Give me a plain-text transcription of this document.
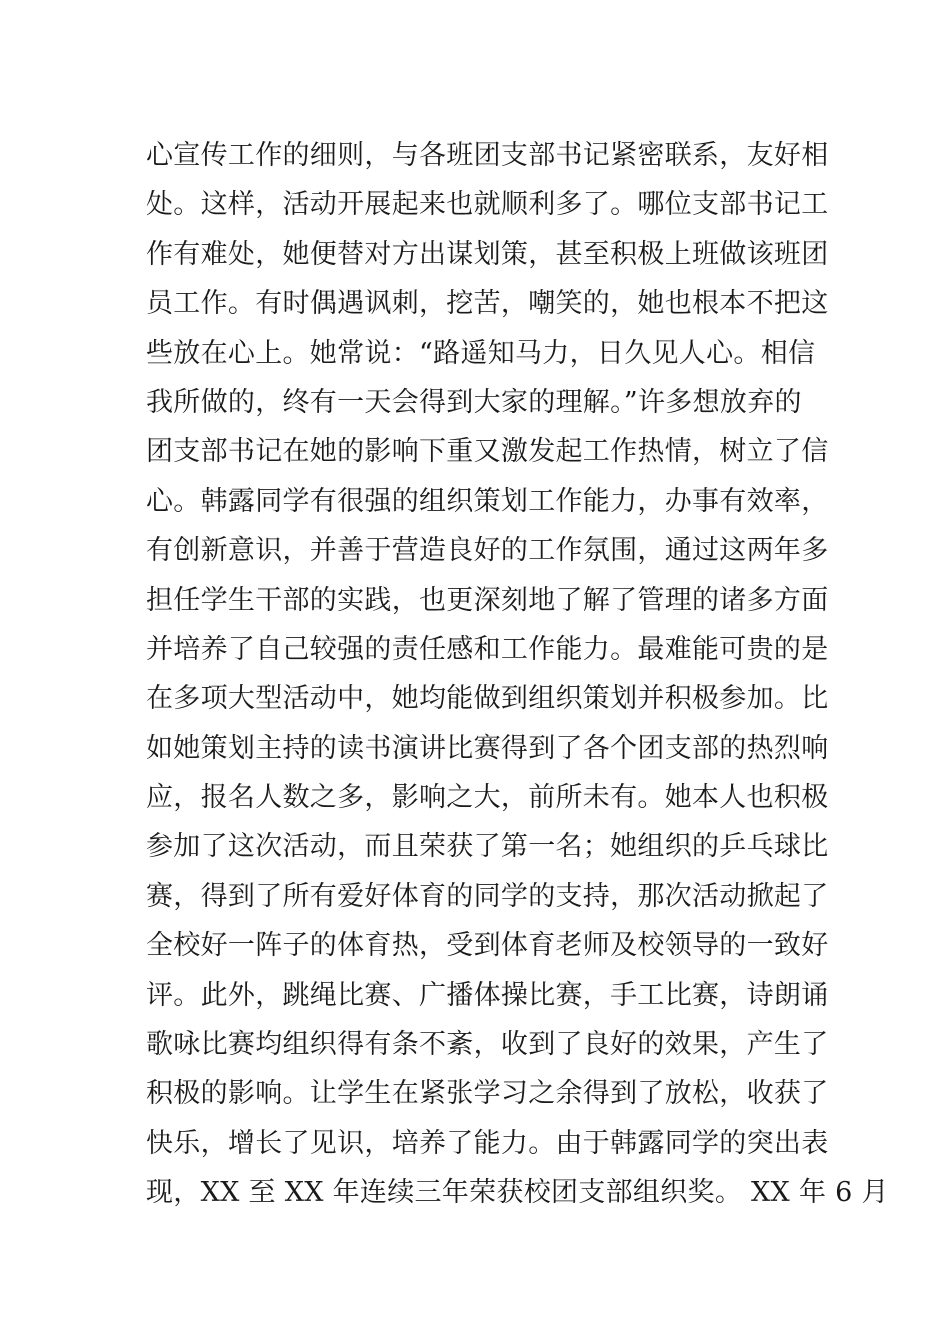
心宣传工作的细则，与各班团支部书记紧密联系，友好相
处。这样，活动开展起来也就顺利多了。哪位支部书记工
作有难处，她便替对方出谋划策，甚至积极上班做该班团
员工作。有时偶遇讽刺，挖苦，嘲笑的，她也根本不把这
些放在心上。她常说：“路遥知马力，日久见人心。相信
我所做的，终有一天会得到大家的理解。”许多想放弃的
团支部书记在她的影响下重又激发起工作热情，树立了信
心。韩露同学有很强的组织策划工作能力，办事有效率，
有创新意识，并善于营造良好的工作氛围，通过这两年多
担任学生干部的实践，也更深刻地了解了管理的诸多方面
并培养了自己较强的责任感和工作能力。最难能可贵的是
在多项大型活动中，她均能做到组织策划并积极参加。比
如她策划主持的读书演讲比赛得到了各个团支部的热烈响
应，报名人数之多，影响之大，前所未有。她本人也积极
参加了这次活动，而且荣获了第一名；她组织的乒乓球比
赛，得到了所有爱好体育的同学的支持，那次活动掀起了
全校好一阵子的体育热，受到体育老师及校领导的一致好
评。此外，跳绳比赛、广播体操比赛，手工比赛，诗朗诵
歌咏比赛均组织得有条不紊，收到了良好的效果，产生了
积极的影响。让学生在紧张学习之余得到了放松，收获了
快乐，增长了见识，培养了能力。由于韩露同学的突出表
现，XX 至 XX 年连续三年荣获校团支部组织奖。 XX 年 6 月
